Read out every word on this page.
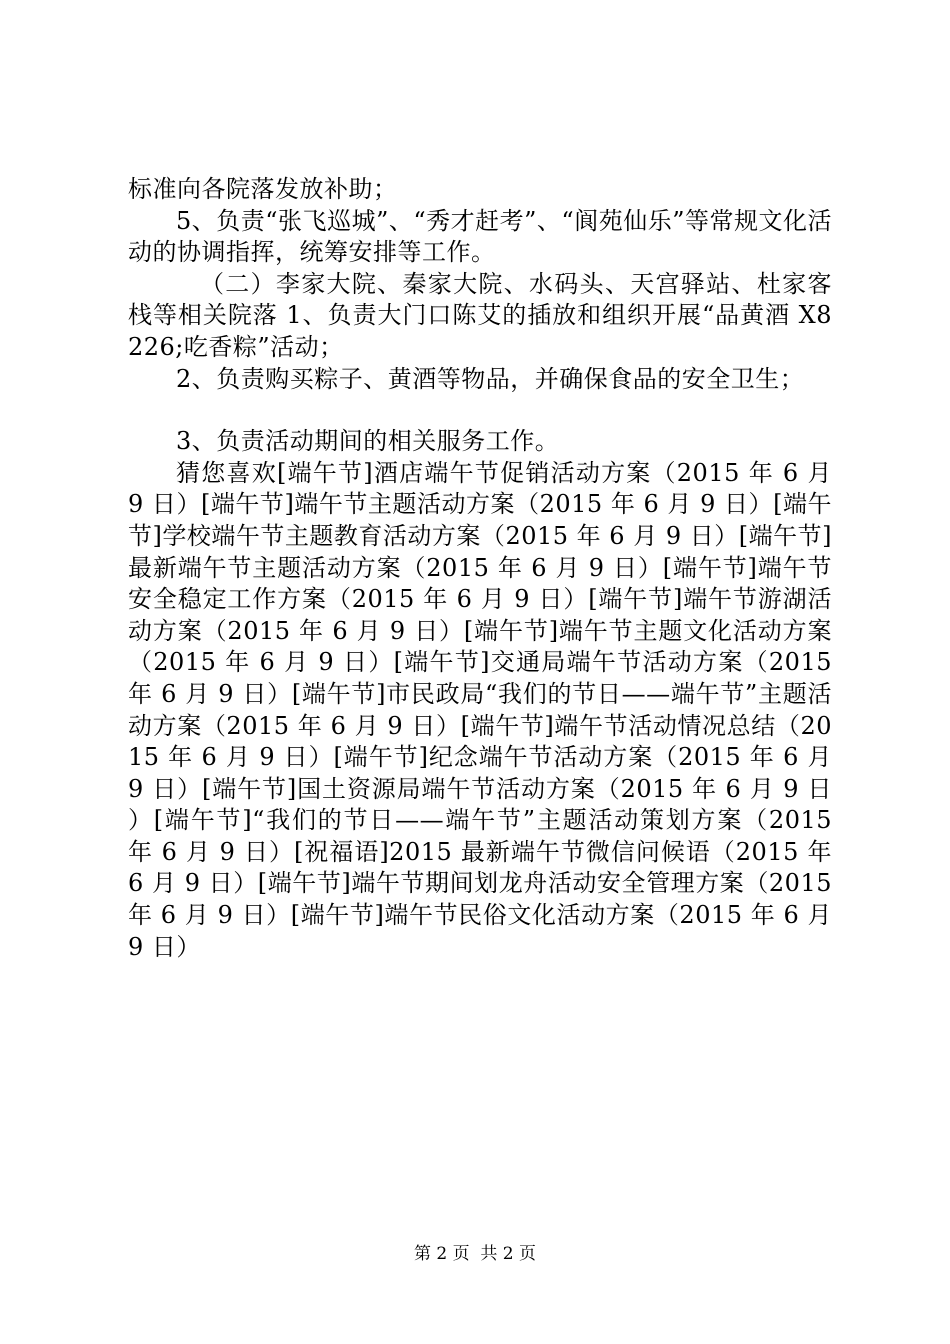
标准向各院落发放补助；

5、负责“张飞巡城”、“秀才赶考”、“阆苑仙乐”等常规文化活动的协调指挥，统筹安排等工作。

（二）李家大院、秦家大院、水码头、天宫驿站、杜家客栈等相关院落 1、负责大门口陈艾的插放和组织开展“品黄酒 X8226;吃香粽”活动；

2、负责购买粽子、黄酒等物品，并确保食品的安全卫生；

3、负责活动期间的相关服务工作。

猜您喜欢[端午节]酒店端午节促销活动方案（2015 年 6 月 9 日）[端午节]端午节主题活动方案（2015 年 6 月 9 日）[端午节]学校端午节主题教育活动方案（2015 年 6 月 9 日）[端午节]最新端午节主题活动方案（2015 年 6 月 9 日）[端午节]端午节安全稳定工作方案（2015 年 6 月 9 日）[端午节]端午节游湖活动方案（2015 年 6 月 9 日）[端午节]端午节主题文化活动方案（2015 年 6 月 9 日）[端午节]交通局端午节活动方案（2015 年 6 月 9 日）[端午节]市民政局“我们的节日——端午节”主题活动方案（2015 年 6 月 9 日）[端午节]端午节活动情况总结（2015 年 6 月 9 日）[端午节]纪念端午节活动方案（2015 年 6 月 9 日）[端午节]国土资源局端午节活动方案（2015 年 6 月 9 日）[端午节]“我们的节日——端午节”主题活动策划方案（2015 年 6 月 9 日）[祝福语]2015 最新端午节微信问候语（2015 年 6 月 9 日）[端午节]端午节期间划龙舟活动安全管理方案（2015 年 6 月 9 日）[端午节]端午节民俗文化活动方案（2015 年 6 月 9 日）

第 2 页 共 2 页
